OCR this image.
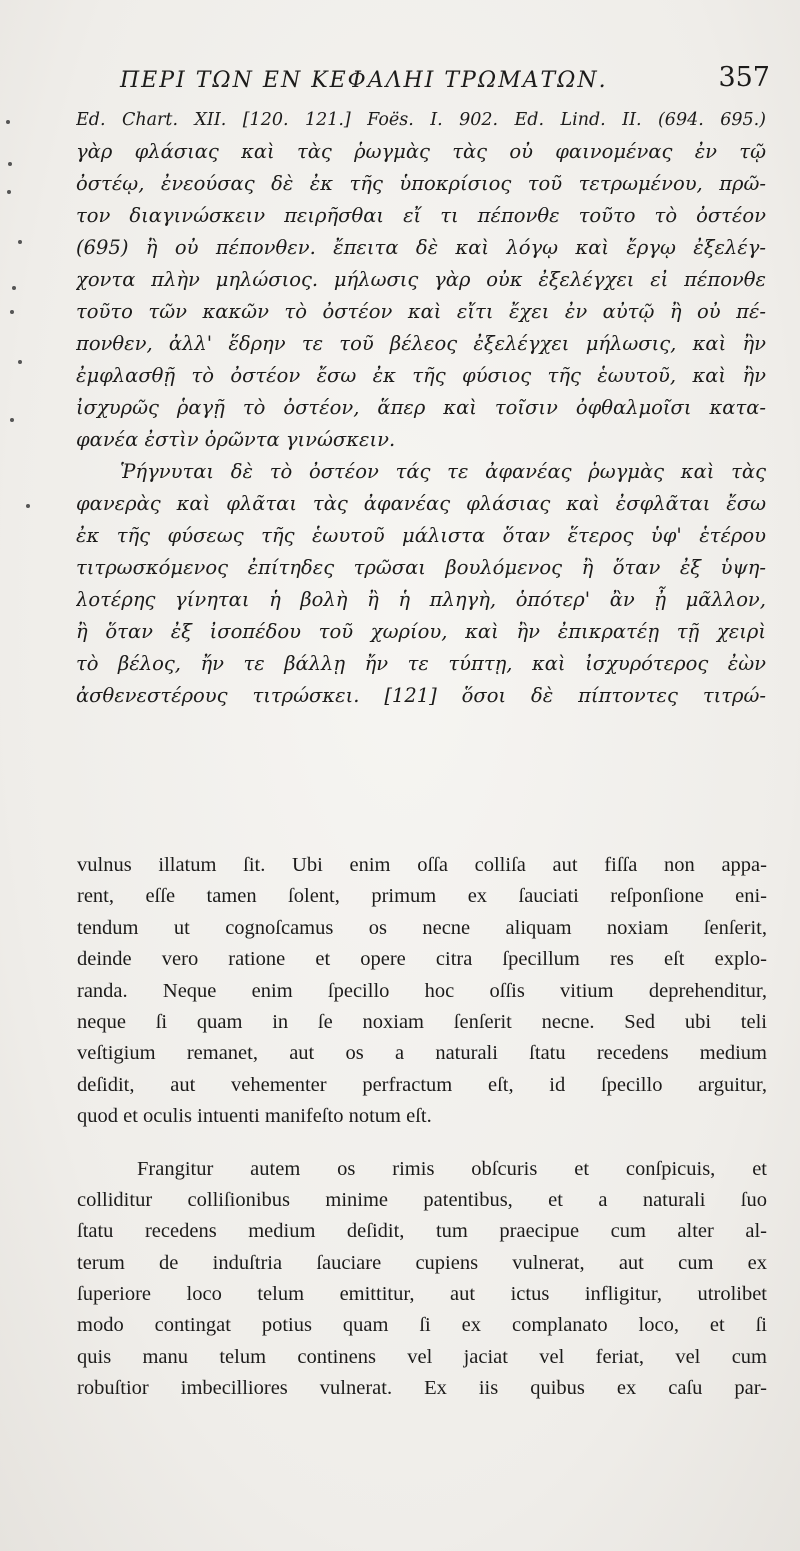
ΠΕΡΙ ΤΩΝ ΕΝ ΚΕΦΑΛΗΙ ΤΡΩΜΑΤΩΝ.	357
Ed. Chart. XII. [120. 121.] Foës. I. 902. Ed. Lind. II. (694. 695.)
γὰρ φλάσιας καὶ τὰς ῥωγμὰς τὰς οὐ φαινομένας ἐν τῷ
ὀστέῳ, ἐνεούσας δὲ ἐκ τῆς ὑποκρίσιος τοῦ τετρωμένου, πρῶ-
τον διαγινώσκειν πειρῆσθαι εἴ τι πέπονθε τοῦτο τὸ ὀστέον
(695) ἢ οὐ πέπονθεν. ἔπειτα δὲ καὶ λόγῳ καὶ ἔργῳ ἐξελέγ-
χοντα πλὴν μηλώσιος. μήλωσις γὰρ οὐκ ἐξελέγχει εἰ πέπονθε
τοῦτο τῶν κακῶν τὸ ὀστέον καὶ εἴτι ἔχει ἐν αὐτῷ ἢ οὐ πέ-
πονθεν, ἀλλ' ἕδρην τε τοῦ βέλεος ἐξελέγχει μήλωσις, καὶ ἢν
ἐμφλασθῇ τὸ ὀστέον ἔσω ἐκ τῆς φύσιος τῆς ἑωυτοῦ, καὶ ἢν
ἰσχυρῶς ῥαγῇ τὸ ὀστέον, ἅπερ καὶ τοῖσιν ὀφθαλμοῖσι κατα-
φανέα ἐστὶν ὁρῶντα γινώσκειν.
Ῥήγνυται δὲ τὸ ὀστέον τάς τε ἀφανέας ῥωγμὰς καὶ τὰς
φανερὰς καὶ φλᾶται τὰς ἀφανέας φλάσιας καὶ ἐσφλᾶται ἔσω
ἐκ τῆς φύσεως τῆς ἑωυτοῦ μάλιστα ὅταν ἕτερος ὑφ' ἑτέρου
τιτρωσκόμενος ἐπίτηδες τρῶσαι βουλόμενος ἢ ὅταν ἐξ ὑψη-
λοτέρης γίνηται ἡ βολὴ ἢ ἡ πληγὴ, ὁπότερ' ἂν ᾖ μᾶλλον,
ἢ ὅταν ἐξ ἰσοπέδου τοῦ χωρίου, καὶ ἢν ἐπικρατέῃ τῇ χειρὶ
τὸ βέλος, ἤν τε βάλλῃ ἤν τε τύπτῃ, καὶ ἰσχυρότερος ἐὼν
ἀσθενεστέρους τιτρώσκει. [121] ὅσοι δὲ πίπτοντες τιτρώ-
vulnus illatum ſit. Ubi enim oſſa colliſa aut fiſſa non appa-
rent, eſſe tamen ſolent, primum ex ſauciati reſponſione eni-
tendum ut cognoſcamus os necne aliquam noxiam ſenſerit,
deinde vero ratione et opere citra ſpecillum res eſt explo-
randa. Neque enim ſpecillo hoc oſſis vitium deprehenditur,
neque ſi quam in ſe noxiam ſenſerit necne. Sed ubi teli
veſtigium remanet, aut os a naturali ſtatu recedens medium
deſidit, aut vehementer perfractum eſt, id ſpecillo arguitur,
quod et oculis intuenti manifeſto notum eſt.
Frangitur autem os rimis obſcuris et conſpicuis, et
colliditur colliſionibus minime patentibus, et a naturali ſuo
ſtatu recedens medium deſidit, tum praecipue cum alter al-
terum de induſtria ſauciare cupiens vulnerat, aut cum ex
ſuperiore loco telum emittitur, aut ictus infligitur, utrolibet
modo contingat potius quam ſi ex complanato loco, et ſi
quis manu telum continens vel jaciat vel feriat, vel cum
robuſtior imbecilliores vulnerat. Ex iis quibus ex caſu par-
